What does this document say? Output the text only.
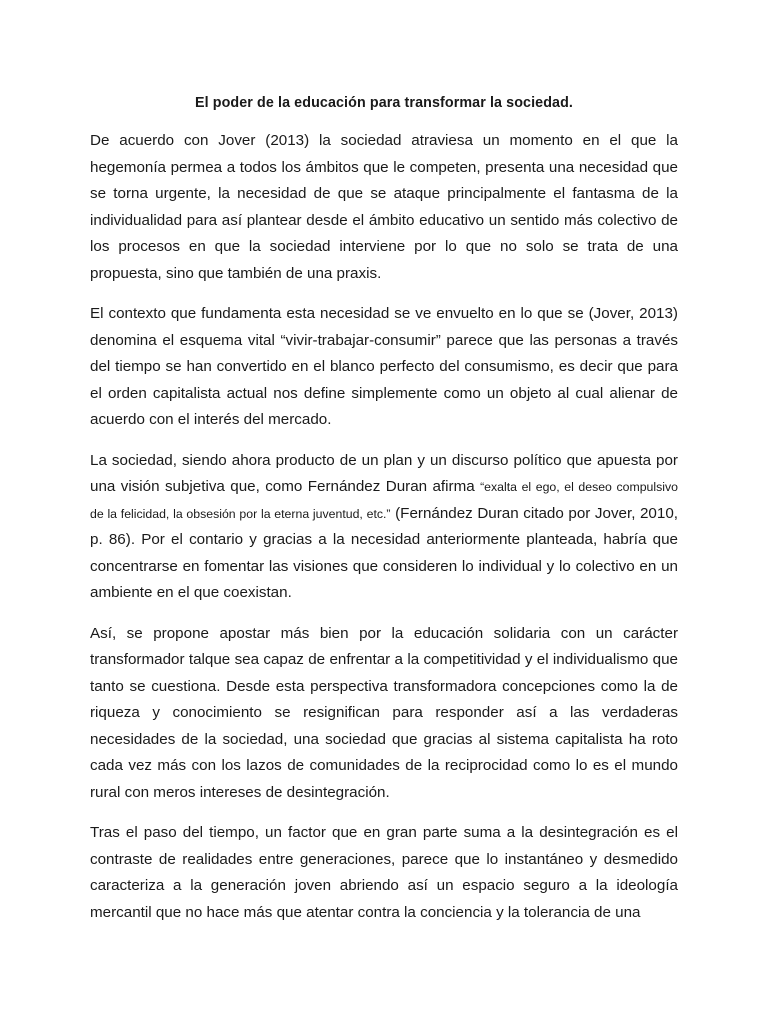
El poder de la educación para transformar la sociedad.

De acuerdo con Jover (2013) la sociedad atraviesa un momento en el que la hegemonía permea a todos los ámbitos que le competen, presenta una necesidad que se torna urgente, la necesidad de que se ataque principalmente el fantasma de la individualidad para así plantear desde el ámbito educativo un sentido más colectivo de los procesos en que la sociedad interviene por lo que no solo se trata de una propuesta, sino que también de una praxis.

El contexto que fundamenta esta necesidad se ve envuelto en lo que se (Jover, 2013) denomina el esquema vital “vivir-trabajar-consumir” parece que las personas a través del tiempo se han convertido en el blanco perfecto del consumismo, es decir que para el orden capitalista actual nos define simplemente como un objeto al cual alienar de acuerdo con el interés del mercado.

La sociedad, siendo ahora producto de un plan y un discurso político que apuesta por una visión subjetiva que, como Fernández Duran afirma “exalta el ego, el deseo compulsivo de la felicidad, la obsesión por la eterna juventud, etc.” (Fernández Duran citado por Jover, 2010, p. 86). Por el contario y gracias a la necesidad anteriormente planteada, habría que concentrarse en fomentar las visiones que consideren lo individual y lo colectivo en un ambiente en el que coexistan.

Así, se propone apostar más bien por la educación solidaria con un carácter transformador talque sea capaz de enfrentar a la competitividad y el individualismo que tanto se cuestiona. Desde esta perspectiva transformadora concepciones como la de riqueza y conocimiento se resignifican para responder así a las verdaderas necesidades de la sociedad, una sociedad que gracias al sistema capitalista ha roto cada vez más con los lazos de comunidades de la reciprocidad como lo es el mundo rural con meros intereses de desintegración.

Tras el paso del tiempo, un factor que en gran parte suma a la desintegración es el contraste de realidades entre generaciones, parece que lo instantáneo y desmedido caracteriza a la generación joven abriendo así un espacio seguro a la ideología mercantil que no hace más que atentar contra la conciencia y la tolerancia de una
